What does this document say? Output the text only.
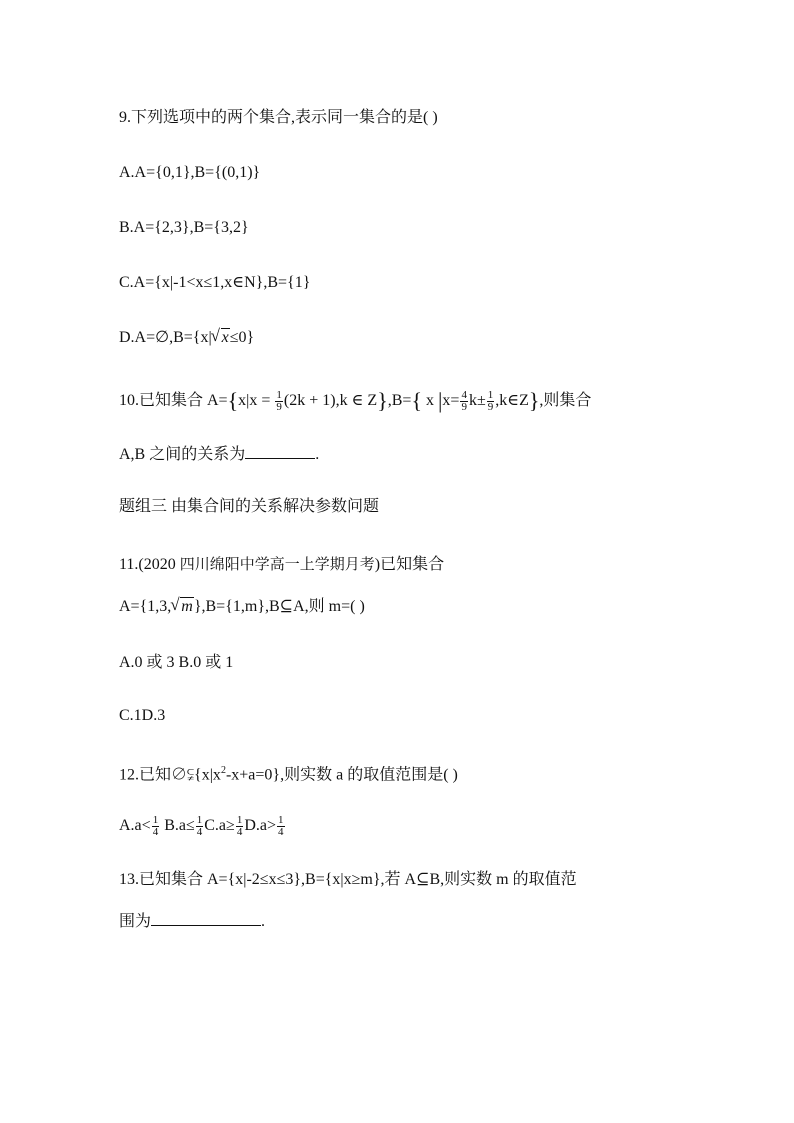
9.下列选项中的两个集合,表示同一集合的是( )
A.A={0,1},B={(0,1)}
B.A={2,3},B={3,2}
C.A={x|-1<x≤1,x∈N},B={1}
D.A=∅,B={x| √ x≤0}
10.已知集合 $A=\{x|x = \frac{1}{9} (2k + 1),k$ ∈ Z},B={ x $|x= \frac{4}{9} k\pm \frac{1}{9}$ ,k∈Z},则集合
A,B 之间的关系为	.
题组三 由集合间的关系解决参数问题
11.(2020 四川绵阳中学高一上学期月考)已知集合
A={1,3, √ m},B={1,m},B⊆A,则 m=( )
A.0 或 3 B.0 或 1
C.1D.3
12.已知$\emptyset⫋\{x|x^2-x+a=0\}$,则实数 a 的取值范围是( )
$A.a< \frac{1}{4} B.a\le \frac{1}{4} C.a\ge \frac{1}{4} D.a> \frac{1}{4}$
13.已知集合 A={x|-2≤x≤3},B={x|x≥m},若 A⊆B,则实数 m 的取值范
围为	.
